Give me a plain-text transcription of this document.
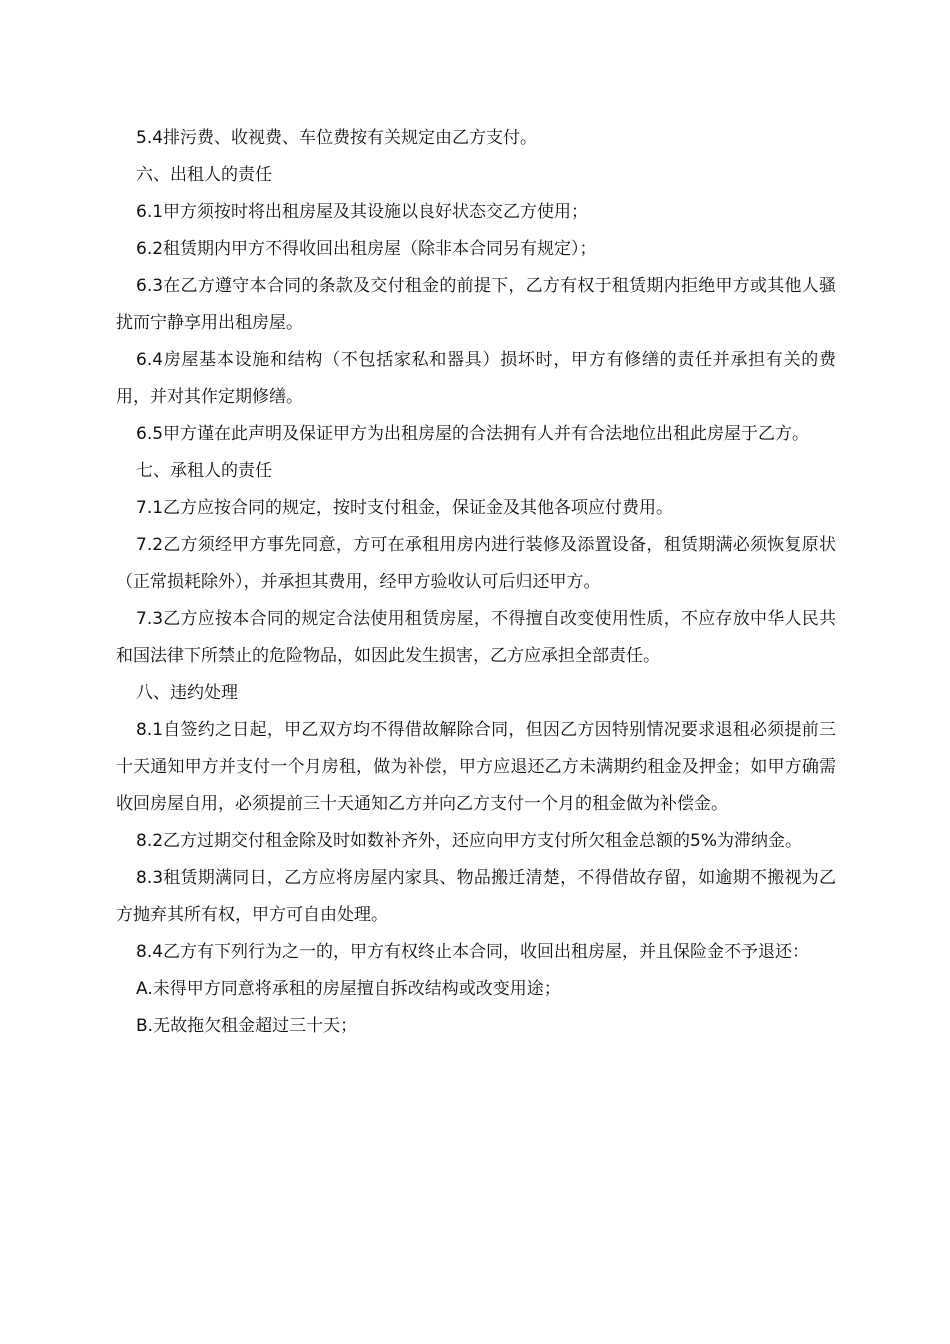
5.4排污费、收视费、车位费按有关规定由乙方支付。

六、出租人的责任

6.1甲方须按时将出租房屋及其设施以良好状态交乙方使用；

6.2租赁期内甲方不得收回出租房屋（除非本合同另有规定）；

6.3在乙方遵守本合同的条款及交付租金的前提下，乙方有权于租赁期内拒绝甲方或其他人骚扰而宁静享用出租房屋。

6.4房屋基本设施和结构（不包括家私和器具）损坏时，甲方有修缮的责任并承担有关的费用，并对其作定期修缮。

6.5甲方谨在此声明及保证甲方为出租房屋的合法拥有人并有合法地位出租此房屋于乙方。

七、承租人的责任

7.1乙方应按合同的规定，按时支付租金，保证金及其他各项应付费用。

7.2乙方须经甲方事先同意，方可在承租用房内进行装修及添置设备，租赁期满必须恢复原状（正常损耗除外），并承担其费用，经甲方验收认可后归还甲方。

7.3乙方应按本合同的规定合法使用租赁房屋，不得擅自改变使用性质，不应存放中华人民共和国法律下所禁止的危险物品，如因此发生损害，乙方应承担全部责任。

八、违约处理

8.1自签约之日起，甲乙双方均不得借故解除合同，但因乙方因特别情况要求退租必须提前三十天通知甲方并支付一个月房租，做为补偿，甲方应退还乙方未满期约租金及押金；如甲方确需收回房屋自用，必须提前三十天通知乙方并向乙方支付一个月的租金做为补偿金。

8.2乙方过期交付租金除及时如数补齐外，还应向甲方支付所欠租金总额的5%为滞纳金。

8.3租赁期满同日，乙方应将房屋内家具、物品搬迁清楚，不得借故存留，如逾期不搬视为乙方抛弃其所有权，甲方可自由处理。

8.4乙方有下列行为之一的，甲方有权终止本合同，收回出租房屋，并且保险金不予退还：

A.未得甲方同意将承租的房屋擅自拆改结构或改变用途；

B.无故拖欠租金超过三十天；
